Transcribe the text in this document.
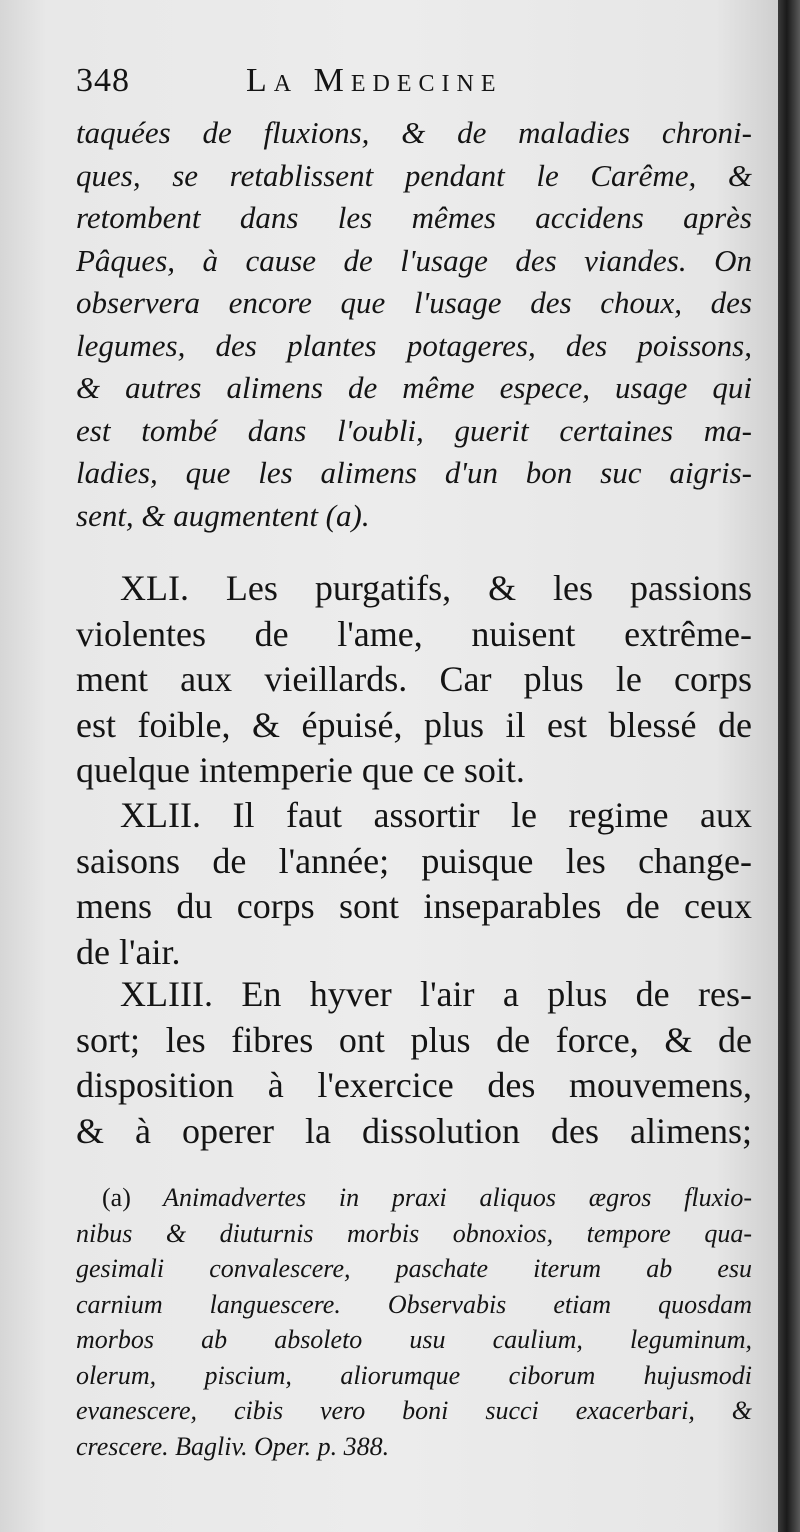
348	La Medecine
taquées de fluxions, & de maladies chroni-
ques, se retablissent pendant le Carême, &
retombent dans les mêmes accidens après
Pâques, à cause de l'usage des viandes. On
observera encore que l'usage des choux, des
legumes, des plantes potageres, des poissons,
& autres alimens de même espece, usage qui
est tombé dans l'oubli, guerit certaines ma-
ladies, que les alimens d'un bon suc aigris-
sent, & augmentent (a).
XLI. Les purgatifs, & les passions
violentes de l'ame, nuisent extrême-
ment aux vieillards. Car plus le corps
est foible, & épuisé, plus il est blessé de
quelque intemperie que ce soit.
XLII. Il faut assortir le regime aux
saisons de l'année; puisque les change-
mens du corps sont inseparables de ceux
de l'air.
XLIII. En hyver l'air a plus de res-
sort; les fibres ont plus de force, & de
disposition à l'exercice des mouvemens,
& à operer la dissolution des alimens;
(a) Animadvertes in praxi aliquos ægros fluxio-
nibus & diuturnis morbis obnoxios, tempore qua-
gesimali convalescere, paschate iterum ab esu
carnium languescere. Observabis etiam quosdam
morbos ab absoleto usu caulium, leguminum,
olerum, piscium, aliorumque ciborum hujusmodi
evanescere, cibis vero boni succi exacerbari, &
crescere. Bagliv. Oper. p. 388.
